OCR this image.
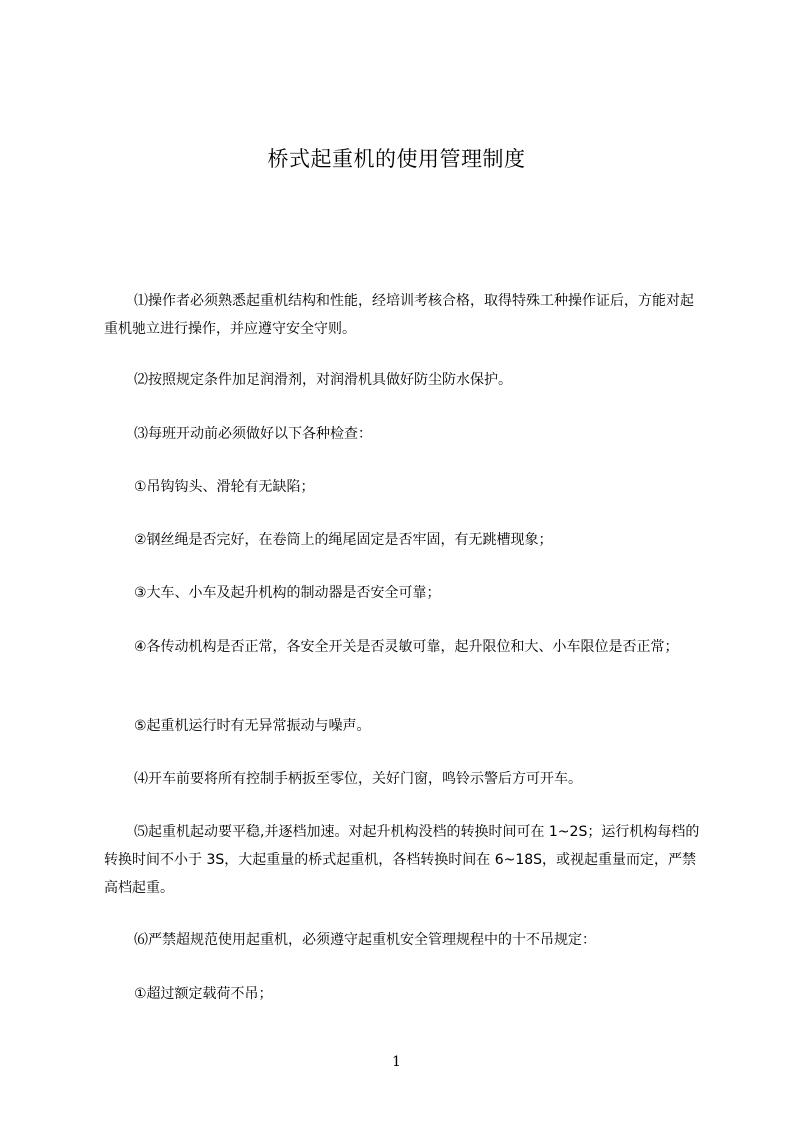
桥式起重机的使用管理制度

⑴操作者必须熟悉起重机结构和性能，经培训考核合格，取得特殊工种操作证后，方能对起重机驰立进行操作，并应遵守安全守则。

⑵按照规定条件加足润滑剂，对润滑机具做好防尘防水保护。

⑶每班开动前必须做好以下各种检查：

①吊钩钩头、滑轮有无缺陷；

②钢丝绳是否完好，在卷筒上的绳尾固定是否牢固，有无跳槽现象；

③大车、小车及起升机构的制动器是否安全可靠；

④各传动机构是否正常，各安全开关是否灵敏可靠，起升限位和大、小车限位是否正常；

⑤起重机运行时有无异常振动与噪声。

⑷开车前要将所有控制手柄扳至零位，关好门窗，鸣铃示警后方可开车。

⑸起重机起动要平稳,并逐档加速。对起升机构没档的转换时间可在 1~2S；运行机构每档的转换时间不小于 3S，大起重量的桥式起重机，各档转换时间在 6~18S，或视起重量而定，严禁高档起重。

⑹严禁超规范使用起重机，必须遵守起重机安全管理规程中的十不吊规定：

①超过额定载荷不吊；

1
